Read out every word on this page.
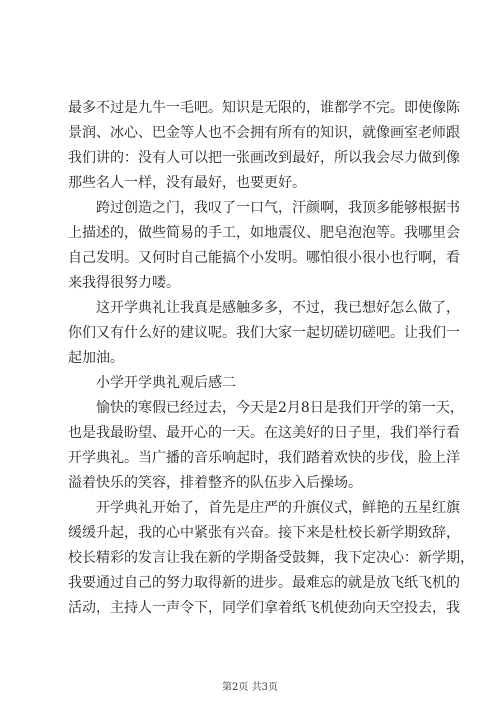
最多不过是九牛一毛吧。知识是无限的，谁都学不完。即使像陈
景润、冰心、巴金等人也不会拥有所有的知识，就像画室老师跟
我们讲的：没有人可以把一张画改到最好，所以我会尽力做到像
那些名人一样，没有最好，也要更好。
　　跨过创造之门，我叹了一口气，汗颜啊，我顶多能够根据书
上描述的，做些简易的手工，如地震仪、肥皂泡泡等。我哪里会
自己发明。又何时自己能搞个小发明。哪怕很小很小也行啊，看
来我得很努力喽。
　　这开学典礼让我真是感触多多，不过，我已想好怎么做了，
你们又有什么好的建议呢。我们大家一起切磋切磋吧。让我们一
起加油。
　　小学开学典礼观后感二
　　愉快的寒假已经过去，今天是2月8日是我们开学的第一天，
也是我最盼望、最开心的一天。在这美好的日子里，我们举行看
开学典礼。当广播的音乐响起时，我们踏着欢快的步伐，脸上洋
溢着快乐的笑容，排着整齐的队伍步入后操场。
　　开学典礼开始了，首先是庄严的升旗仪式，鲜艳的五星红旗
缓缓升起，我的心中紧张有兴奋。接下来是杜校长新学期致辞，
校长精彩的发言让我在新的学期备受鼓舞，我下定决心：新学期，
我要通过自己的努力取得新的进步。最难忘的就是放飞纸飞机的
活动，主持人一声令下，同学们拿着纸飞机使劲向天空投去，我
第2页 共3页
